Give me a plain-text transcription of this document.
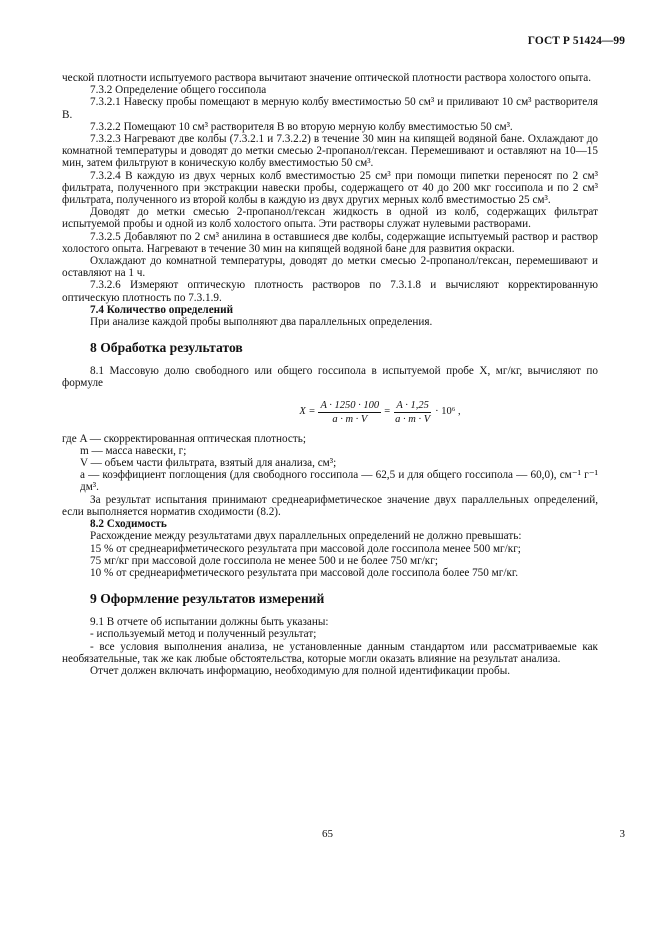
ГОСТ Р 51424—99

ческой плотности испытуемого раствора вычитают значение оптической плотности раствора холостого опыта.

7.3.2 Определение общего госсипола

7.3.2.1 Навеску пробы помещают в мерную колбу вместимостью 50 см³ и приливают 10 см³ растворителя B.

7.3.2.2 Помещают 10 см³ растворителя B во вторую мерную колбу вместимостью 50 см³.

7.3.2.3 Нагревают две колбы (7.3.2.1 и 7.3.2.2) в течение 30 мин на кипящей водяной бане. Охлаждают до комнатной температуры и доводят до метки смесью 2-пропанол/гексан. Перемешивают и оставляют на 10—15 мин, затем фильтруют в коническую колбу вместимостью 50 см³.

7.3.2.4 В каждую из двух черных колб вместимостью 25 см³ при помощи пипетки переносят по 2 см³ фильтрата, полученного при экстракции навески пробы, содержащего от 40 до 200 мкг госсипола и по 2 см³ фильтрата, полученного из второй колбы в каждую из двух других мерных колб вместимостью 25 см³.

Доводят до метки смесью 2-пропанол/гексан жидкость в одной из колб, содержащих фильтрат испытуемой пробы и одной из колб холостого опыта. Эти растворы служат нулевыми растворами.

7.3.2.5 Добавляют по 2 см³ анилина в оставшиеся две колбы, содержащие испытуемый раствор и раствор холостого опыта. Нагревают в течение 30 мин на кипящей водяной бане для развития окраски.

Охлаждают до комнатной температуры, доводят до метки смесью 2-пропанол/гексан, перемешивают и оставляют на 1 ч.

7.3.2.6 Измеряют оптическую плотность растворов по 7.3.1.8 и вычисляют корректированную оптическую плотность по 7.3.1.9.

7.4 Количество определений

При анализе каждой пробы выполняют два параллельных определения.

8 Обработка результатов

8.1 Массовую долю свободного или общего госсипола в испытуемой пробе X, мг/кг, вычисляют по формуле

$X = \frac{A \cdot 1250 \cdot 100}{a \cdot m \cdot V} = \frac{A \cdot 1,25}{a \cdot m \cdot V} \cdot 10^6$ ,

где A — скорректированная оптическая плотность;

m — масса навески, г;

V — объем части фильтрата, взятый для анализа, см³;

a — коэффициент поглощения (для свободного госсипола — 62,5 и для общего госсипола — 60,0), см⁻¹ г⁻¹ дм³.

За результат испытания принимают среднеарифметическое значение двух параллельных определений, если выполняется норматив сходимости (8.2).

8.2 Сходимость

Расхождение между результатами двух параллельных определений не должно превышать:

15 % от среднеарифметического результата при массовой доле госсипола менее 500 мг/кг;

75 мг/кг при массовой доле госсипола не менее 500 и не более 750 мг/кг;

10 % от среднеарифметического результата при массовой доле госсипола более 750 мг/кг.

9 Оформление результатов измерений

9.1 В отчете об испытании должны быть указаны:

- используемый метод и полученный результат;

- все условия выполнения анализа, не установленные данным стандартом или рассматриваемые как необязательные, так же как любые обстоятельства, которые могли оказать влияние на результат анализа.

Отчет должен включать информацию, необходимую для полной идентификации пробы.

65	3
